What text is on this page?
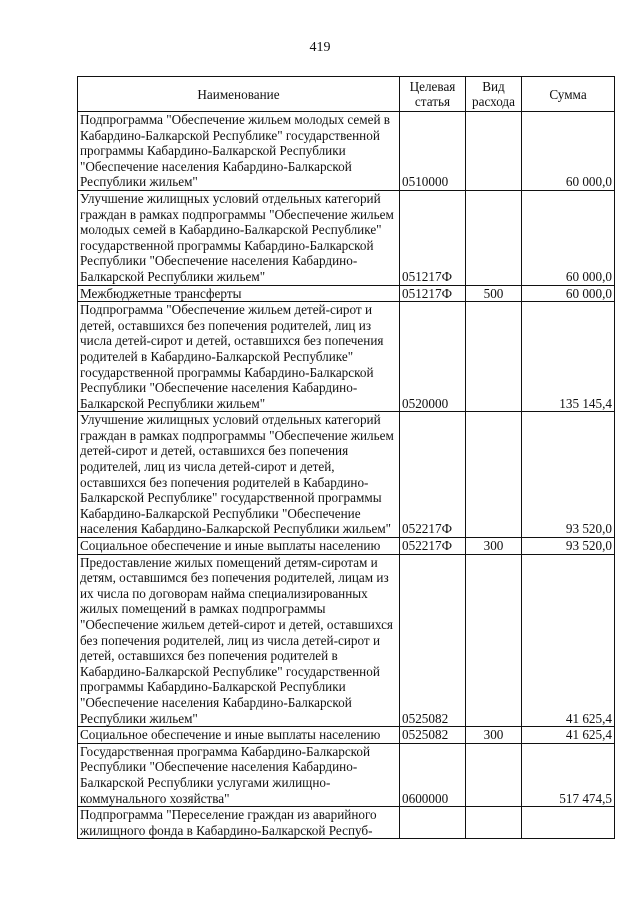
419
Наименование	Целевая статья	Вид расхода	Сумма
Подпрограмма "Обеспечение жильем молодых семей в Кабардино-Балкарской Республике" государственной программы Кабардино-Балкарской Республики "Обеспечение населения Кабардино-Балкарской Республики жильем"	0510000		60 000,0
Улучшение жилищных условий отдельных категорий граждан в рамках подпрограммы "Обеспечение жильем молодых семей в Кабардино-Балкарской Республике" государственной программы Кабардино-Балкарской Республики "Обеспечение населения Кабардино-Балкарской Республики жильем"	051217Ф		60 000,0
Межбюджетные трансферты	051217Ф	500	60 000,0
Подпрограмма "Обеспечение жильем детей-сирот и детей, оставшихся без попечения родителей, лиц из числа детей-сирот и детей, оставшихся без попечения родителей в Кабардино-Балкарской Республике" государственной программы Кабардино-Балкарской Республики "Обеспечение населения Кабардино-Балкарской Республики жильем"	0520000		135 145,4
Улучшение жилищных условий отдельных категорий граждан в рамках подпрограммы "Обеспечение жильем детей-сирот и детей, оставшихся без попечения родителей, лиц из числа детей-сирот и детей, оставшихся без попечения родителей в Кабардино-Балкарской Республике" государственной программы Кабардино-Балкарской Республики "Обеспечение населения Кабардино-Балкарской Республики жильем"	052217Ф		93 520,0
Социальное обеспечение и иные выплаты населению	052217Ф	300	93 520,0
Предоставление жилых помещений детям-сиротам и детям, оставшимся без попечения родителей, лицам из их числа по договорам найма специализированных жилых помещений в рамках подпрограммы "Обеспечение жильем детей-сирот и детей, оставшихся без попечения родителей, лиц из числа детей-сирот и детей, оставшихся без попечения родителей в Кабардино-Балкарской Республике" государственной программы Кабардино-Балкарской Республики "Обеспечение населения Кабардино-Балкарской Республики жильем"	0525082		41 625,4
Социальное обеспечение и иные выплаты населению	0525082	300	41 625,4
Государственная программа Кабардино-Балкарской Республики "Обеспечение населения Кабардино-Балкарской Республики услугами жилищно-коммунального хозяйства"	0600000		517 474,5
Подпрограмма "Переселение граждан из аварийного жилищного фонда в Кабардино-Балкарской Респуб-			
